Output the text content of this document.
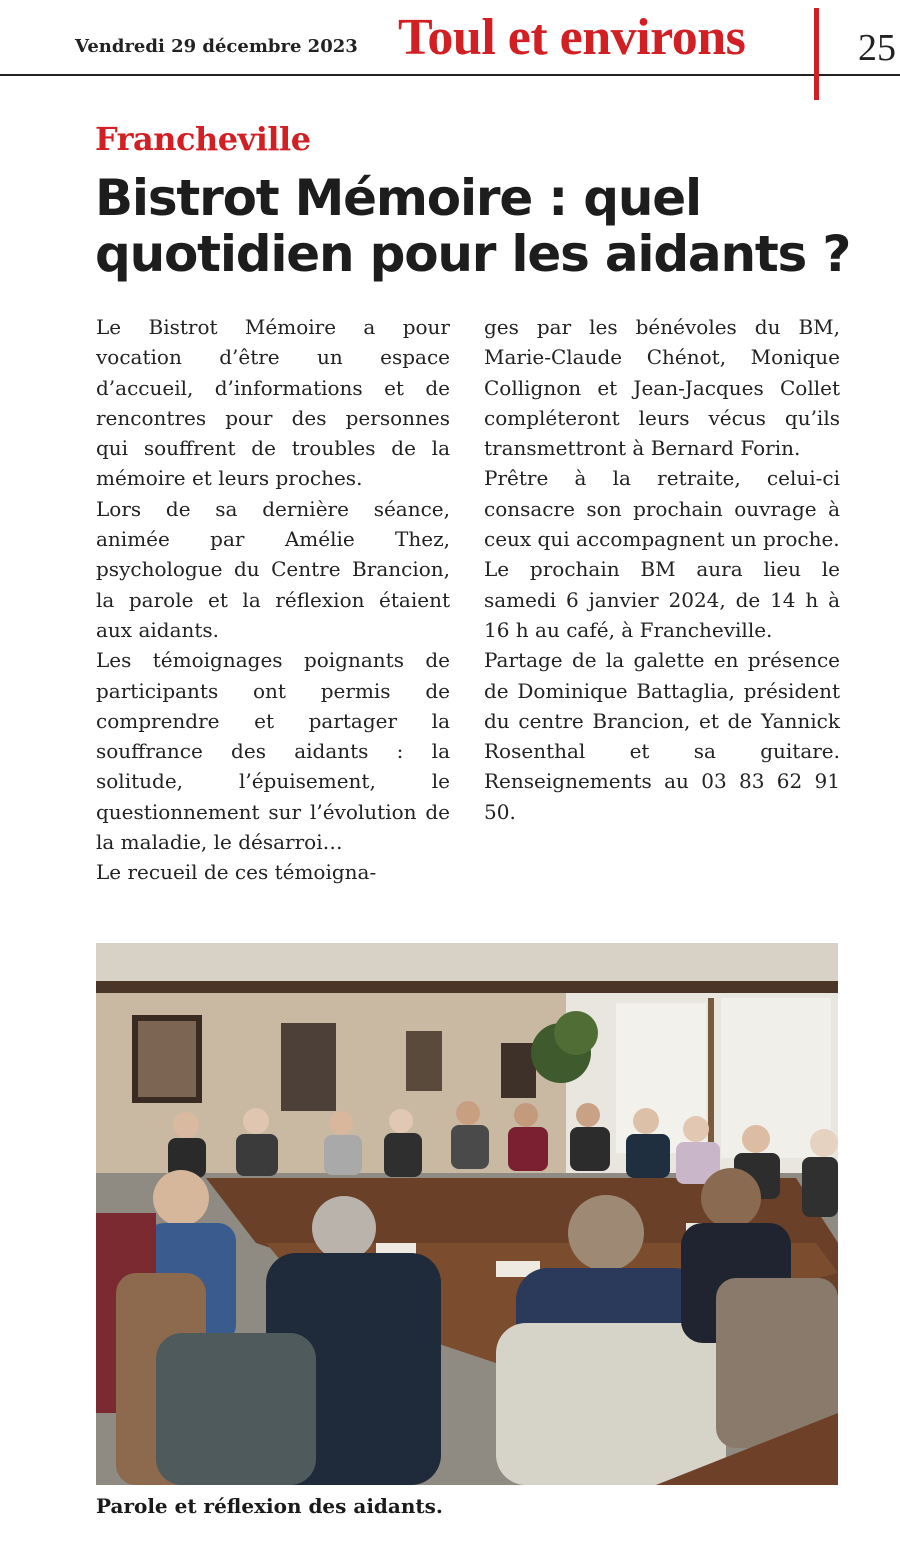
Vendredi 29 décembre 2023 Toul et environs	25
Francheville
Bistrot Mémoire : quel
quotidien pour les aidants ?

Le Bistrot Mémoire a pour vocation d’être un espace d’accueil, d’informations et de rencontres pour des personnes qui souffrent de troubles de la mémoire et leurs proches.

Lors de sa dernière séance, animée par Amélie Thez, psychologue du Centre Brancion, la parole et la réflexion étaient aux aidants.

Les témoignages poignants de participants ont permis de comprendre et partager la souffrance des aidants : la solitude, l’épuisement, le questionnement sur l’évolution de la maladie, le désarroi…

Le recueil de ces témoigna-

ges par les bénévoles du BM, Marie-Claude Chénot, Monique Collignon et Jean-Jacques Collet compléteront leurs vécus qu’ils transmettront à Bernard Forin.

Prêtre à la retraite, celui-ci consacre son prochain ouvrage à ceux qui accompagnent un proche.

Le prochain BM aura lieu le samedi 6 janvier 2024, de 14 h à 16 h au café, à Francheville.

Partage de la galette en présence de Dominique Battaglia, président du centre Brancion, et de Yannick Rosenthal et sa guitare. Renseignements au 03 83 62 91 50.

Parole et réflexion des aidants.
